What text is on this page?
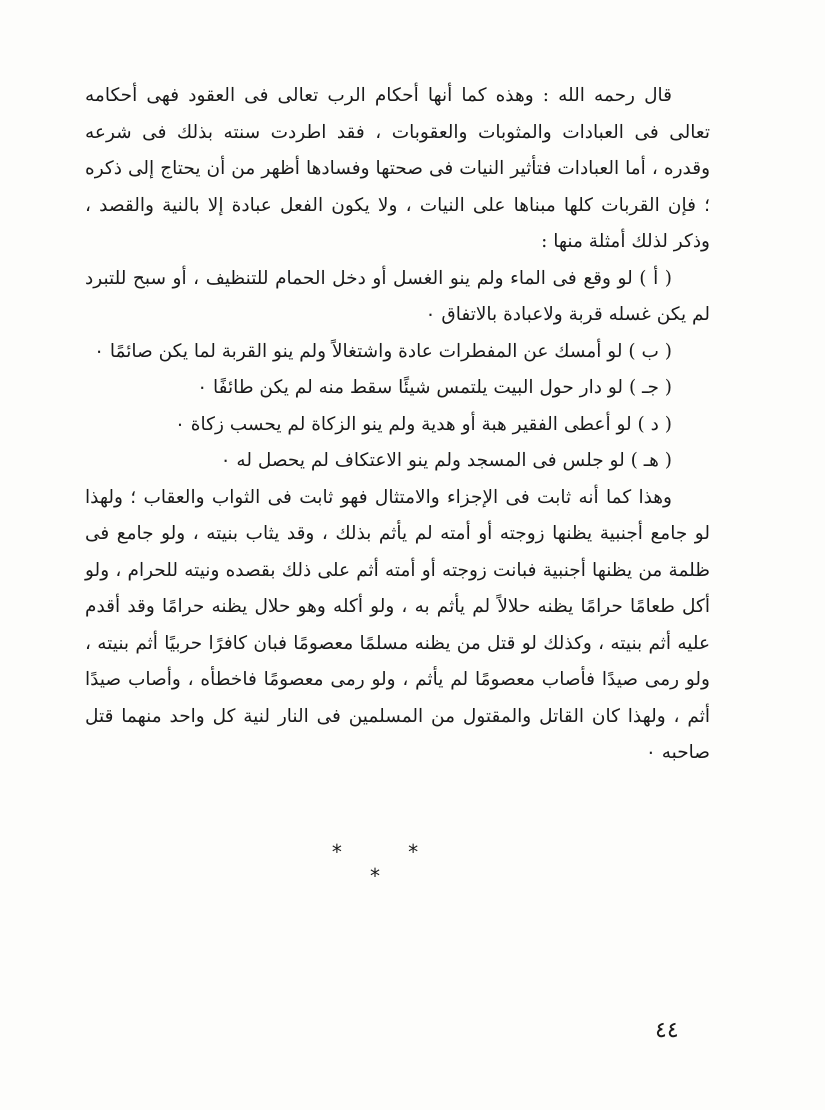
قال رحمه الله : وهذه كما أنها أحكام الرب تعالى فى العقود فهى أحكامه تعالى فى العبادات والمثوبات والعقوبات ، فقد اطردت سنته بذلك فى شرعه وقدره ، أما العبادات فتأثير النيات فى صحتها وفسادها أظهر من أن يحتاج إلى ذكره ؛ فإن القربات كلها مبناها على النيات ، ولا يكون الفعل عبادة إلا بالنية والقصد ، وذكر لذلك أمثلة منها :

( أ ) لو وقع فى الماء ولم ينو الغسل أو دخل الحمام للتنظيف ، أو سبح للتبرد لم يكن غسله قربة ولاعبادة بالاتفاق ٠

( ب ) لو أمسك عن المفطرات عادة واشتغالاً ولم ينو القربة لما يكن صائمًا ٠

( جـ ) لو دار حول البيت يلتمس شيئًا سقط منه لم يكن طائفًا ٠

( د ) لو أعطى الفقير هبة أو هدية ولم ينو الزكاة لم يحسب زكاة ٠

( هـ ) لو جلس فى المسجد ولم ينو الاعتكاف لم يحصل له ٠

وهذا كما أنه ثابت فى الإجزاء والامتثال فهو ثابت فى الثواب والعقاب ؛ ولهذا لو جامع أجنبية يظنها زوجته أو أمته لم يأثم بذلك ، وقد يثاب بنيته ، ولو جامع فى ظلمة من يظنها أجنبية فبانت زوجته أو أمته أثم على ذلك بقصده ونيته للحرام ، ولو أكل طعامًا حرامًا يظنه حلالاً لم يأثم به ، ولو أكله وهو حلال يظنه حرامًا وقد أقدم عليه أثم بنيته ، وكذلك لو قتل من يظنه مسلمًا معصومًا فبان كافرًا حربيًا أثم بنيته ، ولو رمى صيدًا فأصاب معصومًا لم يأثم ، ولو رمى معصومًا فاخطأه ، وأصاب صيدًا أثم ، ولهذا كان القاتل والمقتول من المسلمين فى النار لنية كل واحد منهما قتل صاحبه ٠

* * *
٤٤
